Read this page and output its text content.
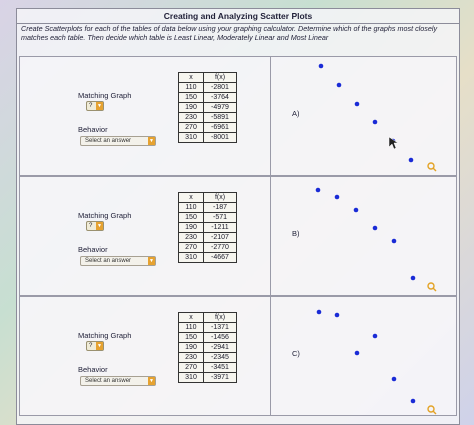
Creating and Analyzing Scatter Plots
Create Scatterplots for each of the tables of data below using your graphing calculator. Determine which of the graphs most closely matches each table. Then decide which table is Least Linear, Moderately Linear and Most Linear
Matching Graph
? ▼
Behavior
Select an answer	▼
x	f(x)
110	-2801
150	-3764
190	-4979
230	-5891
270	-6961
310	-8001
A)
Matching Graph
? ▼
Behavior
Select an answer	▼
x	f(x)
110	-187
150	-571
190	-1211
230	-2107
270	-2770
310	-4667
B)
Matching Graph
? ▼
Behavior
Select an answer	▼
x	f(x)
110	-1371
150	-1456
190	-2941
230	-2345
270	-3451
310	-3971
C)
